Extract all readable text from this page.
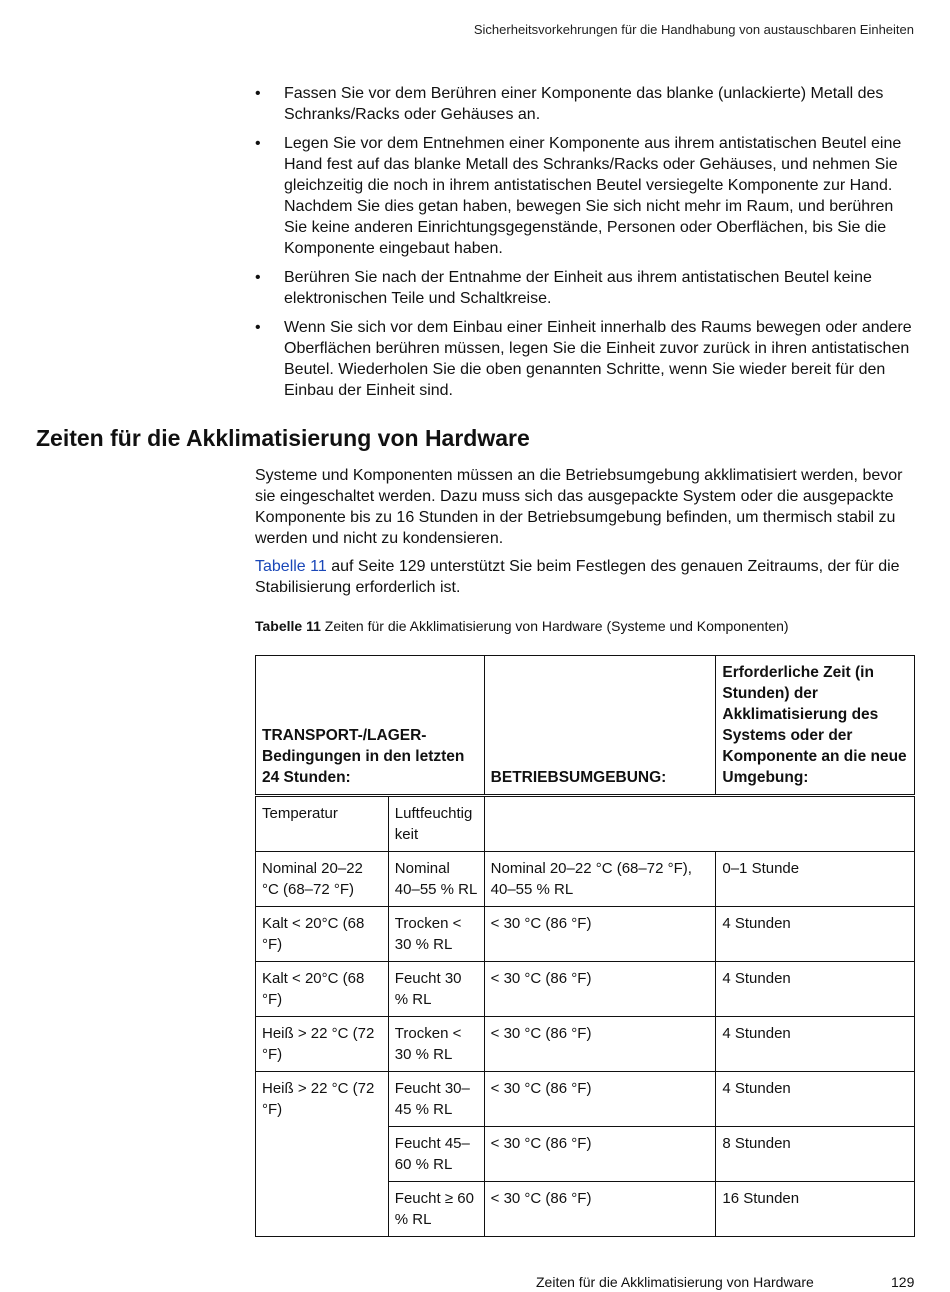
Sicherheitsvorkehrungen für die Handhabung von austauschbaren Einheiten
• Fassen Sie vor dem Berühren einer Komponente das blanke (unlackierte) Metall des Schranks/Racks oder Gehäuses an.
• Legen Sie vor dem Entnehmen einer Komponente aus ihrem antistatischen Beutel eine Hand fest auf das blanke Metall des Schranks/Racks oder Gehäuses, und nehmen Sie gleichzeitig die noch in ihrem antistatischen Beutel versiegelte Komponente zur Hand. Nachdem Sie dies getan haben, bewegen Sie sich nicht mehr im Raum, und berühren Sie keine anderen Einrichtungsgegenstände, Personen oder Oberflächen, bis Sie die Komponente eingebaut haben.
• Berühren Sie nach der Entnahme der Einheit aus ihrem antistatischen Beutel keine elektronischen Teile und Schaltkreise.
• Wenn Sie sich vor dem Einbau einer Einheit innerhalb des Raums bewegen oder andere Oberflächen berühren müssen, legen Sie die Einheit zuvor zurück in ihren antistatischen Beutel. Wiederholen Sie die oben genannten Schritte, wenn Sie wieder bereit für den Einbau der Einheit sind.
Zeiten für die Akklimatisierung von Hardware

Systeme und Komponenten müssen an die Betriebsumgebung akklimatisiert werden, bevor sie eingeschaltet werden. Dazu muss sich das ausgepackte System oder die ausgepackte Komponente bis zu 16 Stunden in der Betriebsumgebung befinden, um thermisch stabil zu werden und nicht zu kondensieren.

Tabelle 11 auf Seite 129 unterstützt Sie beim Festlegen des genauen Zeitraums, der für die Stabilisierung erforderlich ist.

Tabelle 11 Zeiten für die Akklimatisierung von Hardware (Systeme und Komponenten)
TRANSPORT-/LAGER-Bedingungen in den letzten 24 Stunden:		BETRIEBSUMGEBUNG:	Erforderliche Zeit (in Stunden) der Akklimatisierung des Systems oder der Komponente an die neue Umgebung:
Temperatur	Luftfeuchtigkeit		
Nominal 20–22 °C (68–72 °F)	Nominal 40–55 % RL	Nominal 20–22 °C (68–72 °F), 40–55 % RL	0–1 Stunde
Kalt < 20°C (68 °F)	Trocken < 30 % RL	< 30 °C (86 °F)	4 Stunden
Kalt < 20°C (68 °F)	Feucht 30 % RL	< 30 °C (86 °F)	4 Stunden
Heiß > 22 °C (72 °F)	Trocken < 30 % RL	< 30 °C (86 °F)	4 Stunden
Heiß > 22 °C (72 °F)	Feucht 30–45 % RL	< 30 °C (86 °F)	4 Stunden
	Feucht 45–60 % RL	< 30 °C (86 °F)	8 Stunden
	Feucht ≥ 60 % RL	< 30 °C (86 °F)	16 Stunden
Zeiten für die Akklimatisierung von Hardware	129
